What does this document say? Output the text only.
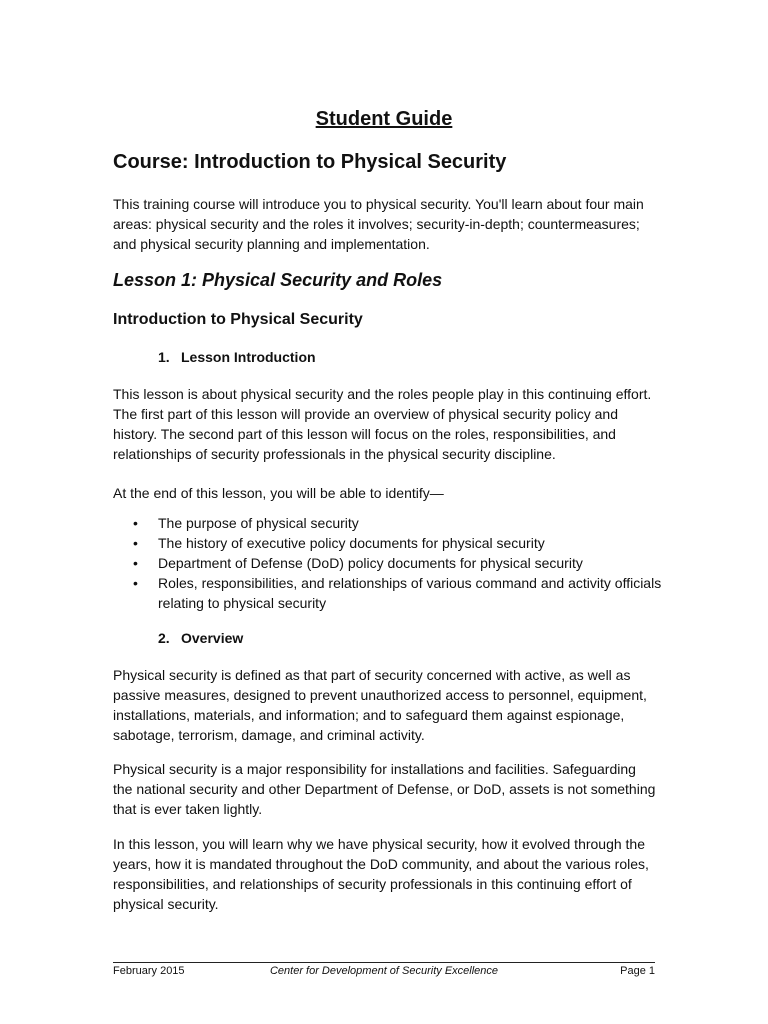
Student Guide
Course: Introduction to Physical Security

This training course will introduce you to physical security. You'll learn about four main areas: physical security and the roles it involves; security-in-depth; countermeasures; and physical security planning and implementation.

Lesson 1: Physical Security and Roles
Introduction to Physical Security
1. Lesson Introduction

This lesson is about physical security and the roles people play in this continuing effort. The first part of this lesson will provide an overview of physical security policy and history. The second part of this lesson will focus on the roles, responsibilities, and relationships of security professionals in the physical security discipline.

At the end of this lesson, you will be able to identify—

• The purpose of physical security
• The history of executive policy documents for physical security
• Department of Defense (DoD) policy documents for physical security
• Roles, responsibilities, and relationships of various command and activity officials relating to physical security
2. Overview

Physical security is defined as that part of security concerned with active, as well as passive measures, designed to prevent unauthorized access to personnel, equipment, installations, materials, and information; and to safeguard them against espionage, sabotage, terrorism, damage, and criminal activity.

Physical security is a major responsibility for installations and facilities. Safeguarding the national security and other Department of Defense, or DoD, assets is not something that is ever taken lightly.

In this lesson, you will learn why we have physical security, how it evolved through the years, how it is mandated throughout the DoD community, and about the various roles, responsibilities, and relationships of security professionals in this continuing effort of physical security.

February 2015	Center for Development of Security Excellence	Page 1
